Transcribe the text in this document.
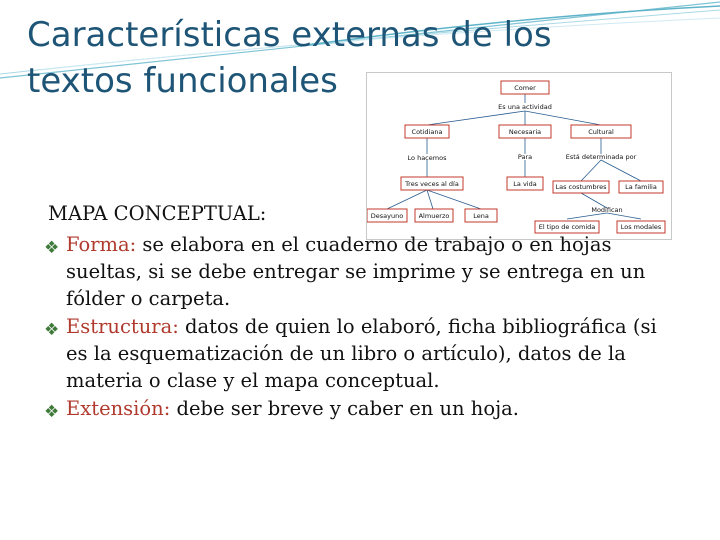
Características externas de los textos funcionales	Comer
Es una actividad
Cotidiana	Necesaria	Cultural
Lo hacemos	Para	Está determinada por
Tres veces al día	La vida	Las costumbres	La familia
Modifican
Desayuno Almuerzo	Lena
El tipo de comida	Los modales
MAPA CONCEPTUAL:
❖ Forma: se elabora en el cuaderno de trabajo o en hojas sueltas, si se debe entregar se imprime y se entrega en un fólder o carpeta.
❖ Estructura: datos de quien lo elaboró, ficha bibliográfica (si es la esquematización de un libro o artículo), datos de la materia o clase y el mapa conceptual.
❖ Extensión: debe ser breve y caber en un hoja.
